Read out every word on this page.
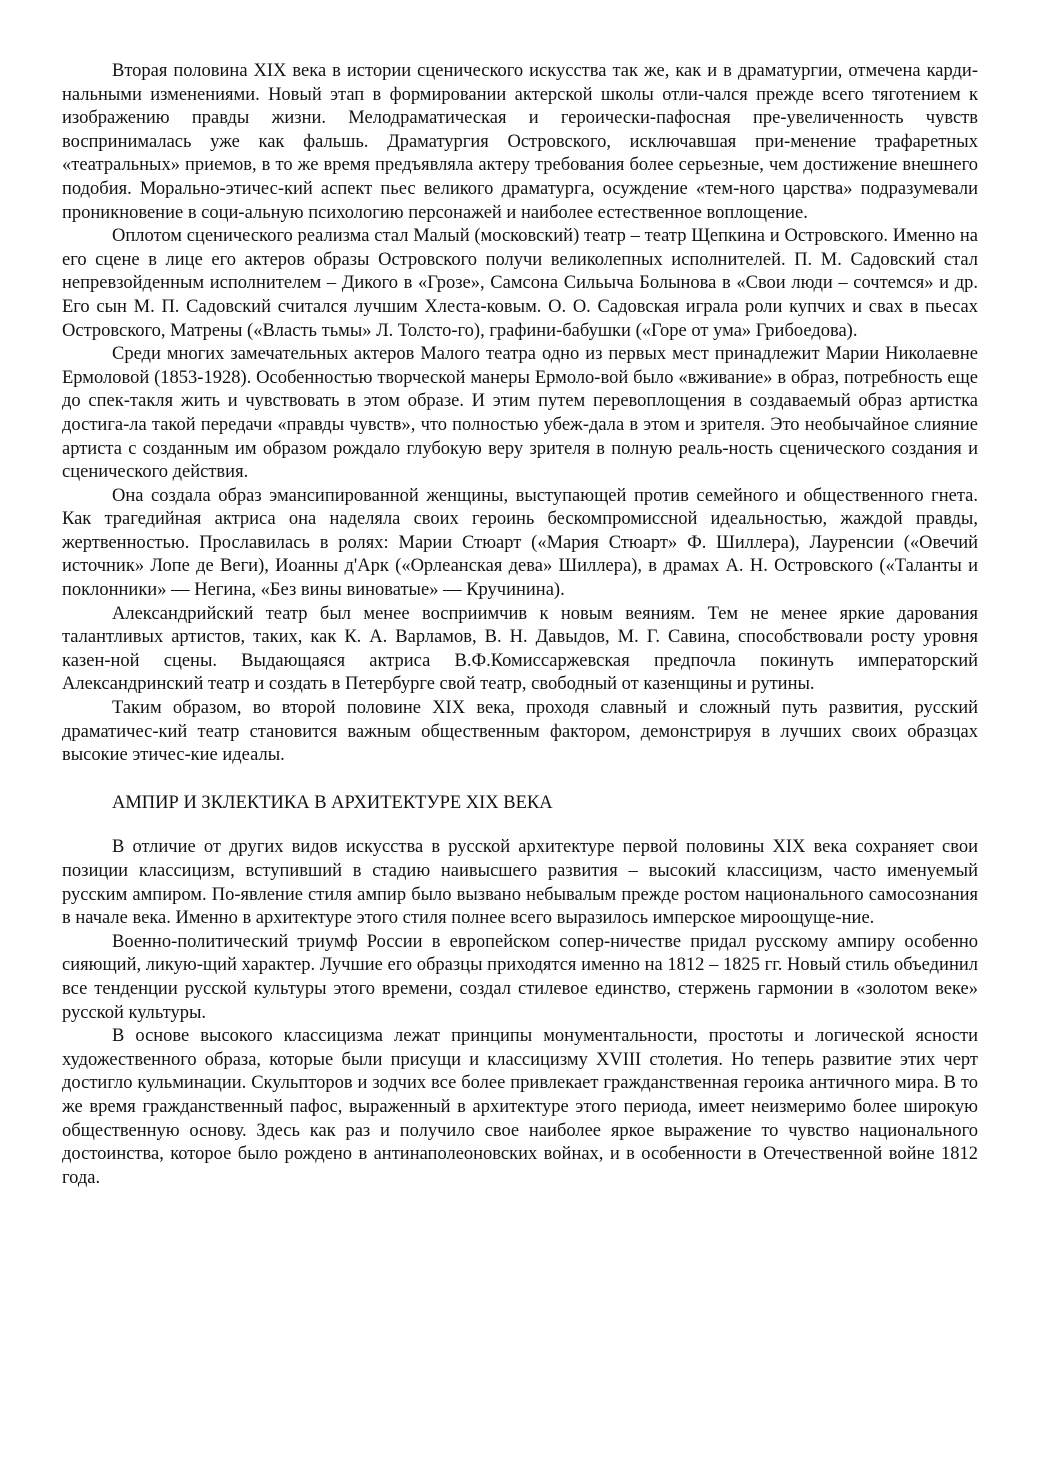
Вторая половина XIX века в истории сценического искусства так же, как и в драматургии, отмечена карди-нальными изменениями. Новый этап в формировании актерской школы отли-чался прежде всего тяготением к изображению правды жизни. Мелодраматическая и героически-пафосная пре-увеличенность чувств воспринималась уже как фальшь. Драматургия Островского, исключавшая при-менение трафаретных «театральных» приемов, в то же время предъявляла актеру требования более серьезные, чем достижение внешнего подобия. Морально-этичес-кий аспект пьес великого драматурга, осуждение «тем-ного царства» подразумевали проникновение в соци-альную психологию персонажей и наиболее естественное воплощение.

Оплотом сценического реализма стал Малый (московский) театр – театр Щепкина и Островского. Именно на его сцене в лице его актеров образы Островского получи великолепных исполнителей. П. М. Садовский стал непревзойденным исполнителем – Дикого в «Грозе», Самсона Сильыча Болынова в «Свои люди – сочтемся» и др. Его сын М. П. Садовский считался лучшим Хлеста-ковым. О. О. Садовская играла роли купчих и свах в пьесах Островского, Матрены («Власть тьмы» Л. Толсто-го), графини-бабушки («Горе от ума» Грибоедова).

Среди многих замечательных актеров Малого театра одно из первых мест принадлежит Марии Николаевне Ермоловой (1853-1928). Особенностью творческой манеры Ермоло-вой было «вживание» в образ, потребность еще до спек-такля жить и чувствовать в этом образе. И этим путем перевоплощения в создаваемый образ артистка достига-ла такой передачи «правды чувств», что полностью убеж-дала в этом и зрителя. Это необычайное слияние артиста с созданным им образом рождало глубокую веру зрителя в полную реаль-ность сценического создания и сценического действия.

Она создала образ эмансипированной женщины, выступающей против семейного и общественного гнета. Как трагедийная актриса она наделяла своих героинь бескомпромиссной идеальностью, жаждой правды, жертвенностью. Прославилась в ролях: Марии Стюарт («Мария Стюарт» Ф. Шиллера), Лауренсии («Овечий источник» Лопе де Веги), Иоанны д'Арк («Орлеанская дева» Шиллера), в драмах А. Н. Островского («Таланты и поклонники» — Негина, «Без вины виноватые» — Кручинина).

Александрийский театр был менее восприимчив к новым веяниям. Тем не менее яркие дарования талантливых артистов, таких, как К. А. Варламов, В. Н. Давыдов, М. Г. Савина, способствовали росту уровня казен-ной сцены. Выдающаяся актриса В.Ф.Комиссаржевская предпочла покинуть императорский Александринский театр и создать в Петербурге свой театр, свободный от казенщины и рутины.

Таким образом, во второй половине XIX века, проходя славный и сложный путь развития, русский драматичес-кий театр становится важным общественным фактором, демонстрируя в лучших своих образцах высокие этичес-кие идеалы.

АМПИР И ЗКЛЕКТИКА В АРХИТЕКТУРЕ XIX ВЕКА

В отличие от других видов искусства в русской архитектуре первой половины XIX века сохраняет свои позиции классицизм, вступивший в стадию наивысшего развития – высокий классицизм, часто именуемый русским ампиром. По-явление стиля ампир было вызвано небывалым прежде ростом национального самосознания в начале века. Именно в архитектуре этого стиля полнее всего выразилось имперское мироощуще-ние.

Военно-политический триумф России в европейском сопер-ничестве придал русскому ампиру особенно сияющий, ликую-щий характер. Лучшие его образцы приходятся именно на 1812 – 1825 гг. Новый стиль объединил все тенденции русской культуры этого времени, создал стилевое единство, стержень гармонии в «золотом веке» русской культуры.

В основе высокого классицизма лежат принципы монументальности, простоты и логической ясности художественного образа, которые были присущи и классицизму XVIII столетия. Но теперь развитие этих черт достигло кульминации. Скульпторов и зодчих все более привлекает гражданственная героика античного мира. В то же время гражданственный пафос, выраженный в архитектуре этого периода, имеет неизмеримо более широкую общественную основу. Здесь как раз и получило свое наиболее яркое выражение то чувство национального достоинства, которое было рождено в антинаполеоновских войнах, и в особенности в Отечественной войне 1812 года.
